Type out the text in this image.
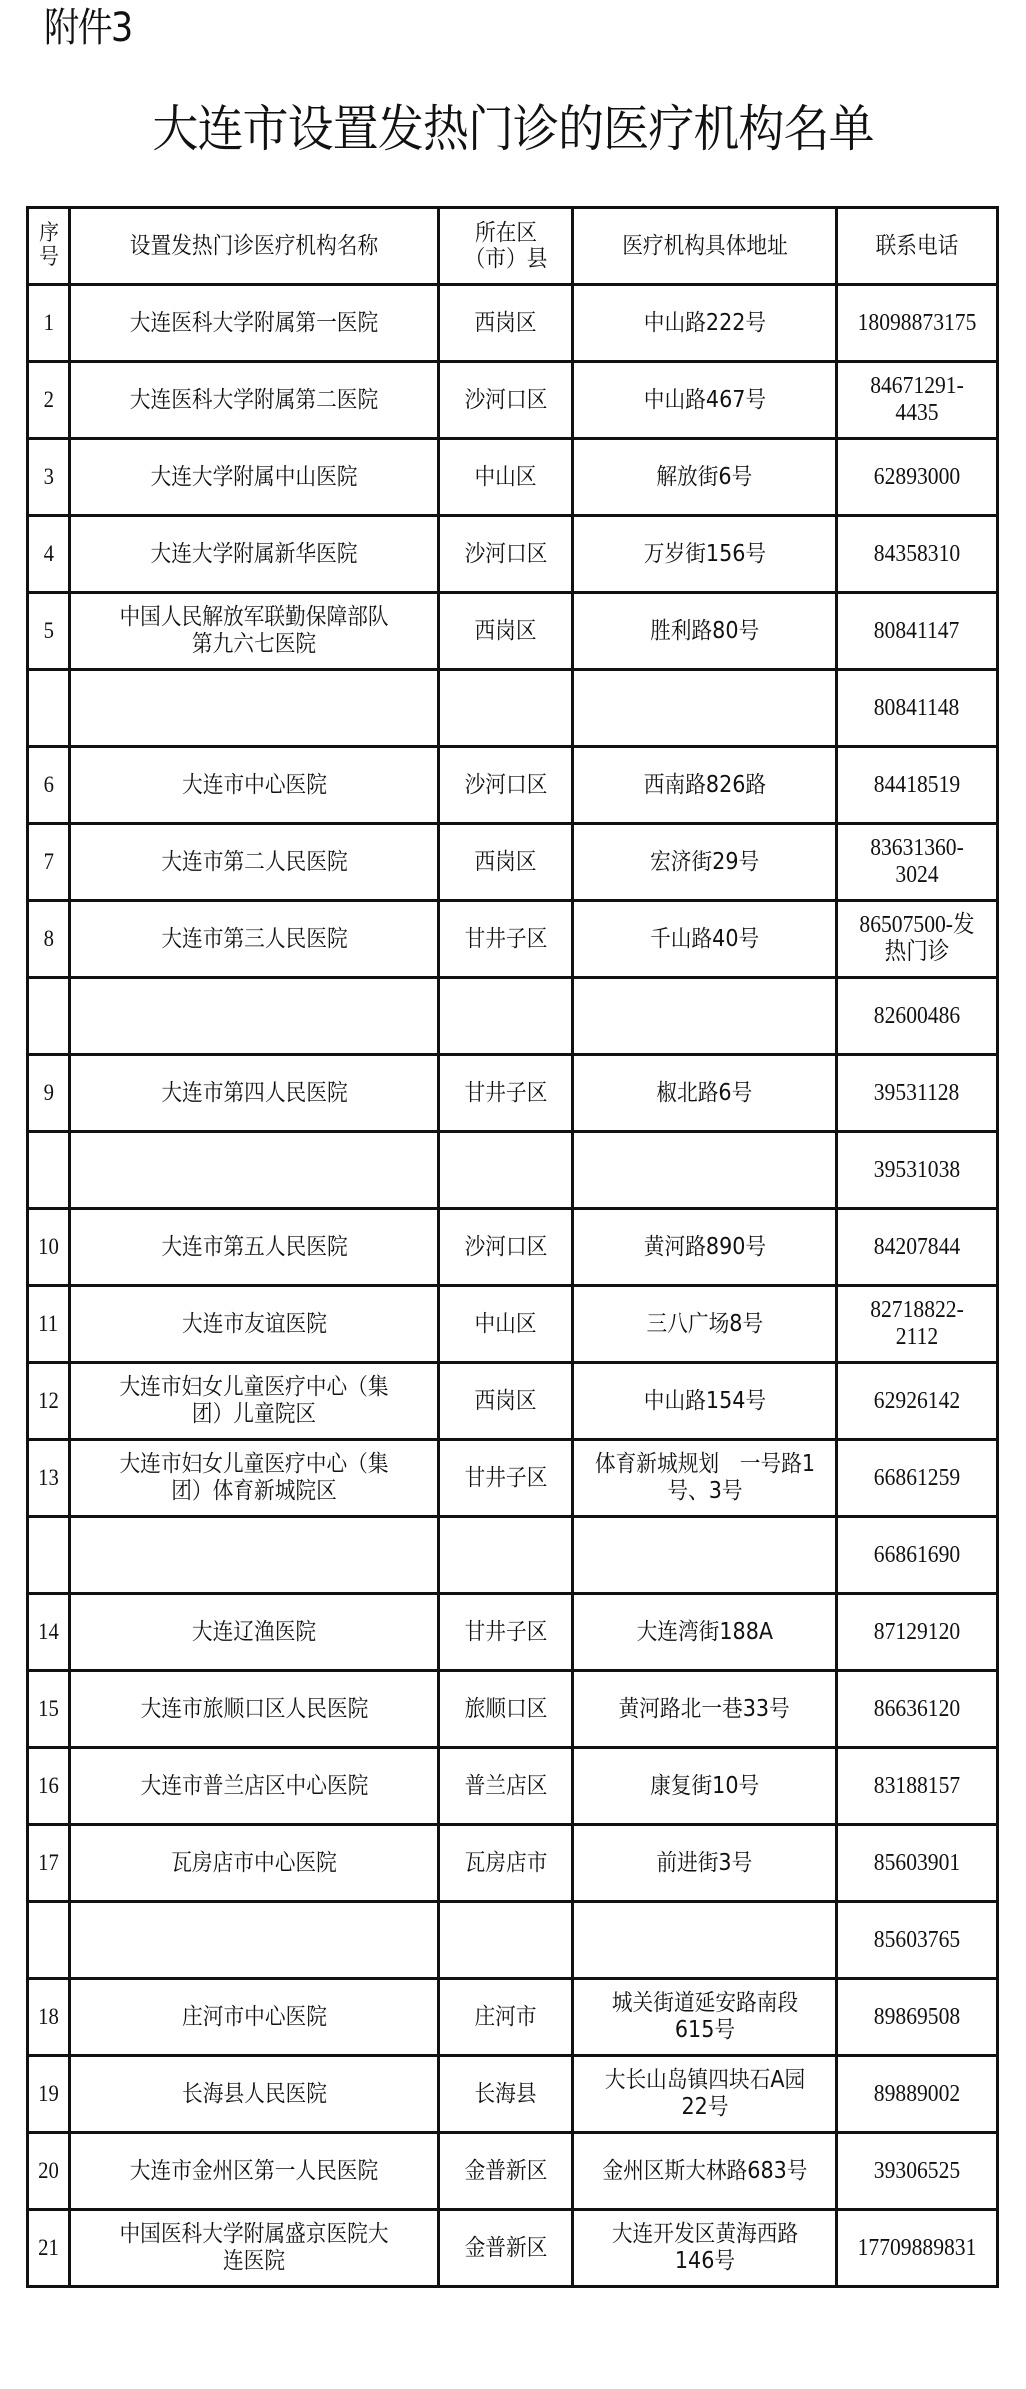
附件3
大连市设置发热门诊的医疗机构名单
序号	设置发热门诊医疗机构名称	所在区（市）县	医疗机构具体地址	联系电话
1	大连医科大学附属第一医院	西岗区	中山路222号	18098873175
2	大连医科大学附属第二医院	沙河口区	中山路467号	84671291-4435
3	大连大学附属中山医院	中山区	解放街6号	62893000
4	大连大学附属新华医院	沙河口区	万岁街156号	84358310
5	中国人民解放军联勤保障部队第九六七医院	西岗区	胜利路80号	80841147
				80841148
6	大连市中心医院	沙河口区	西南路826路	84418519
7	大连市第二人民医院	西岗区	宏济街29号	83631360-3024
8	大连市第三人民医院	甘井子区	千山路40号	86507500-发热门诊
				82600486
9	大连市第四人民医院	甘井子区	椒北路6号	39531128
				39531038
10	大连市第五人民医院	沙河口区	黄河路890号	84207844
11	大连市友谊医院	中山区	三八广场8号	82718822-2112
12	大连市妇女儿童医疗中心（集团）儿童院区	西岗区	中山路154号	62926142
13	大连市妇女儿童医疗中心（集团）体育新城院区	甘井子区	体育新城规划　一号路1号、3号	66861259
				66861690
14	大连辽渔医院	甘井子区	大连湾街188A	87129120
15	大连市旅顺口区人民医院	旅顺口区	黄河路北一巷33号	86636120
16	大连市普兰店区中心医院	普兰店区	康复街10号	83188157
17	瓦房店市中心医院	瓦房店市	前进街3号	85603901
				85603765
18	庄河市中心医院	庄河市	城关街道延安路南段615号	89869508
19	长海县人民医院	长海县	大长山岛镇四块石A园22号	89889002
20	大连市金州区第一人民医院	金普新区	金州区斯大林路683号	39306525
21	中国医科大学附属盛京医院大连医院	金普新区	大连开发区黄海西路146号	17709889831
